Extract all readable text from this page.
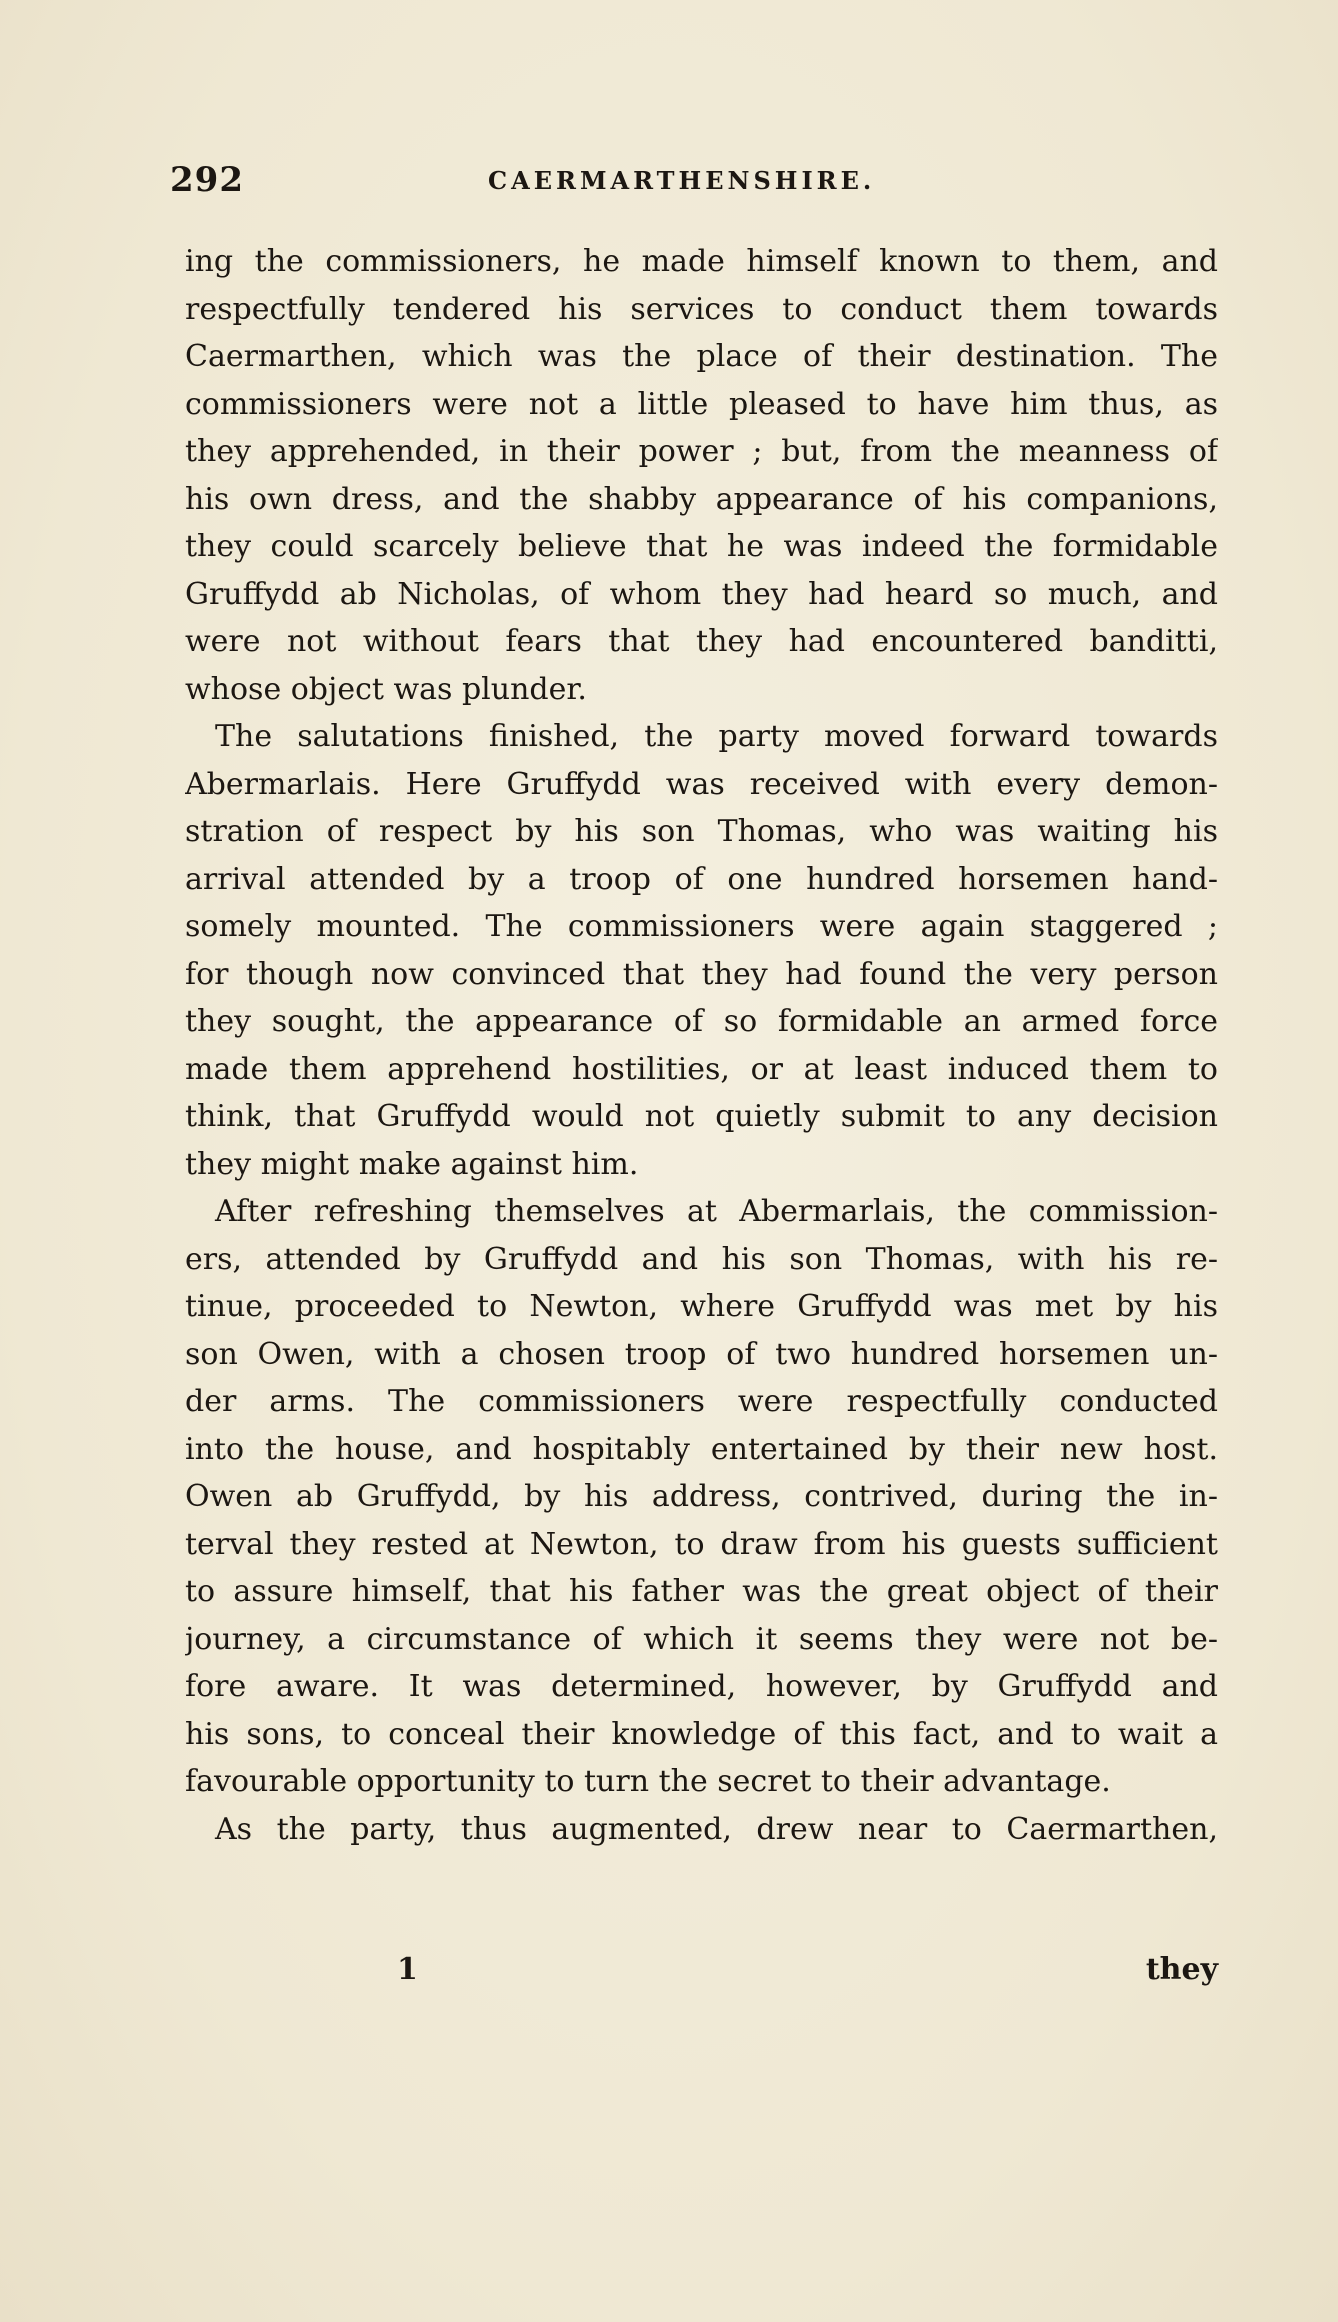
292	CAERMARTHENSHIRE.
ing the commissioners, he made himself known to them, and
respectfully tendered his services to conduct them towards
Caermarthen, which was the place of their destination. The
commissioners were not a little pleased to have him thus, as
they apprehended, in their power ; but, from the meanness of
his own dress, and the shabby appearance of his companions,
they could scarcely believe that he was indeed the formidable
Gruffydd ab Nicholas, of whom they had heard so much, and
were not without fears that they had encountered banditti,
whose object was plunder.
The salutations finished, the party moved forward towards
Abermarlais. Here Gruffydd was received with every demon-
stration of respect by his son Thomas, who was waiting his
arrival attended by a troop of one hundred horsemen hand-
somely mounted. The commissioners were again staggered ;
for though now convinced that they had found the very person
they sought, the appearance of so formidable an armed force
made them apprehend hostilities, or at least induced them to
think, that Gruffydd would not quietly submit to any decision
they might make against him.
After refreshing themselves at Abermarlais, the commission-
ers, attended by Gruffydd and his son Thomas, with his re-
tinue, proceeded to Newton, where Gruffydd was met by his
son Owen, with a chosen troop of two hundred horsemen un-
der arms. The commissioners were respectfully conducted
into the house, and hospitably entertained by their new host.
Owen ab Gruffydd, by his address, contrived, during the in-
terval they rested at Newton, to draw from his guests sufficient
to assure himself, that his father was the great object of their
journey, a circumstance of which it seems they were not be-
fore aware. It was determined, however, by Gruffydd and
his sons, to conceal their knowledge of this fact, and to wait a
favourable opportunity to turn the secret to their advantage.
As the party, thus augmented, drew near to Caermarthen,
1	they
